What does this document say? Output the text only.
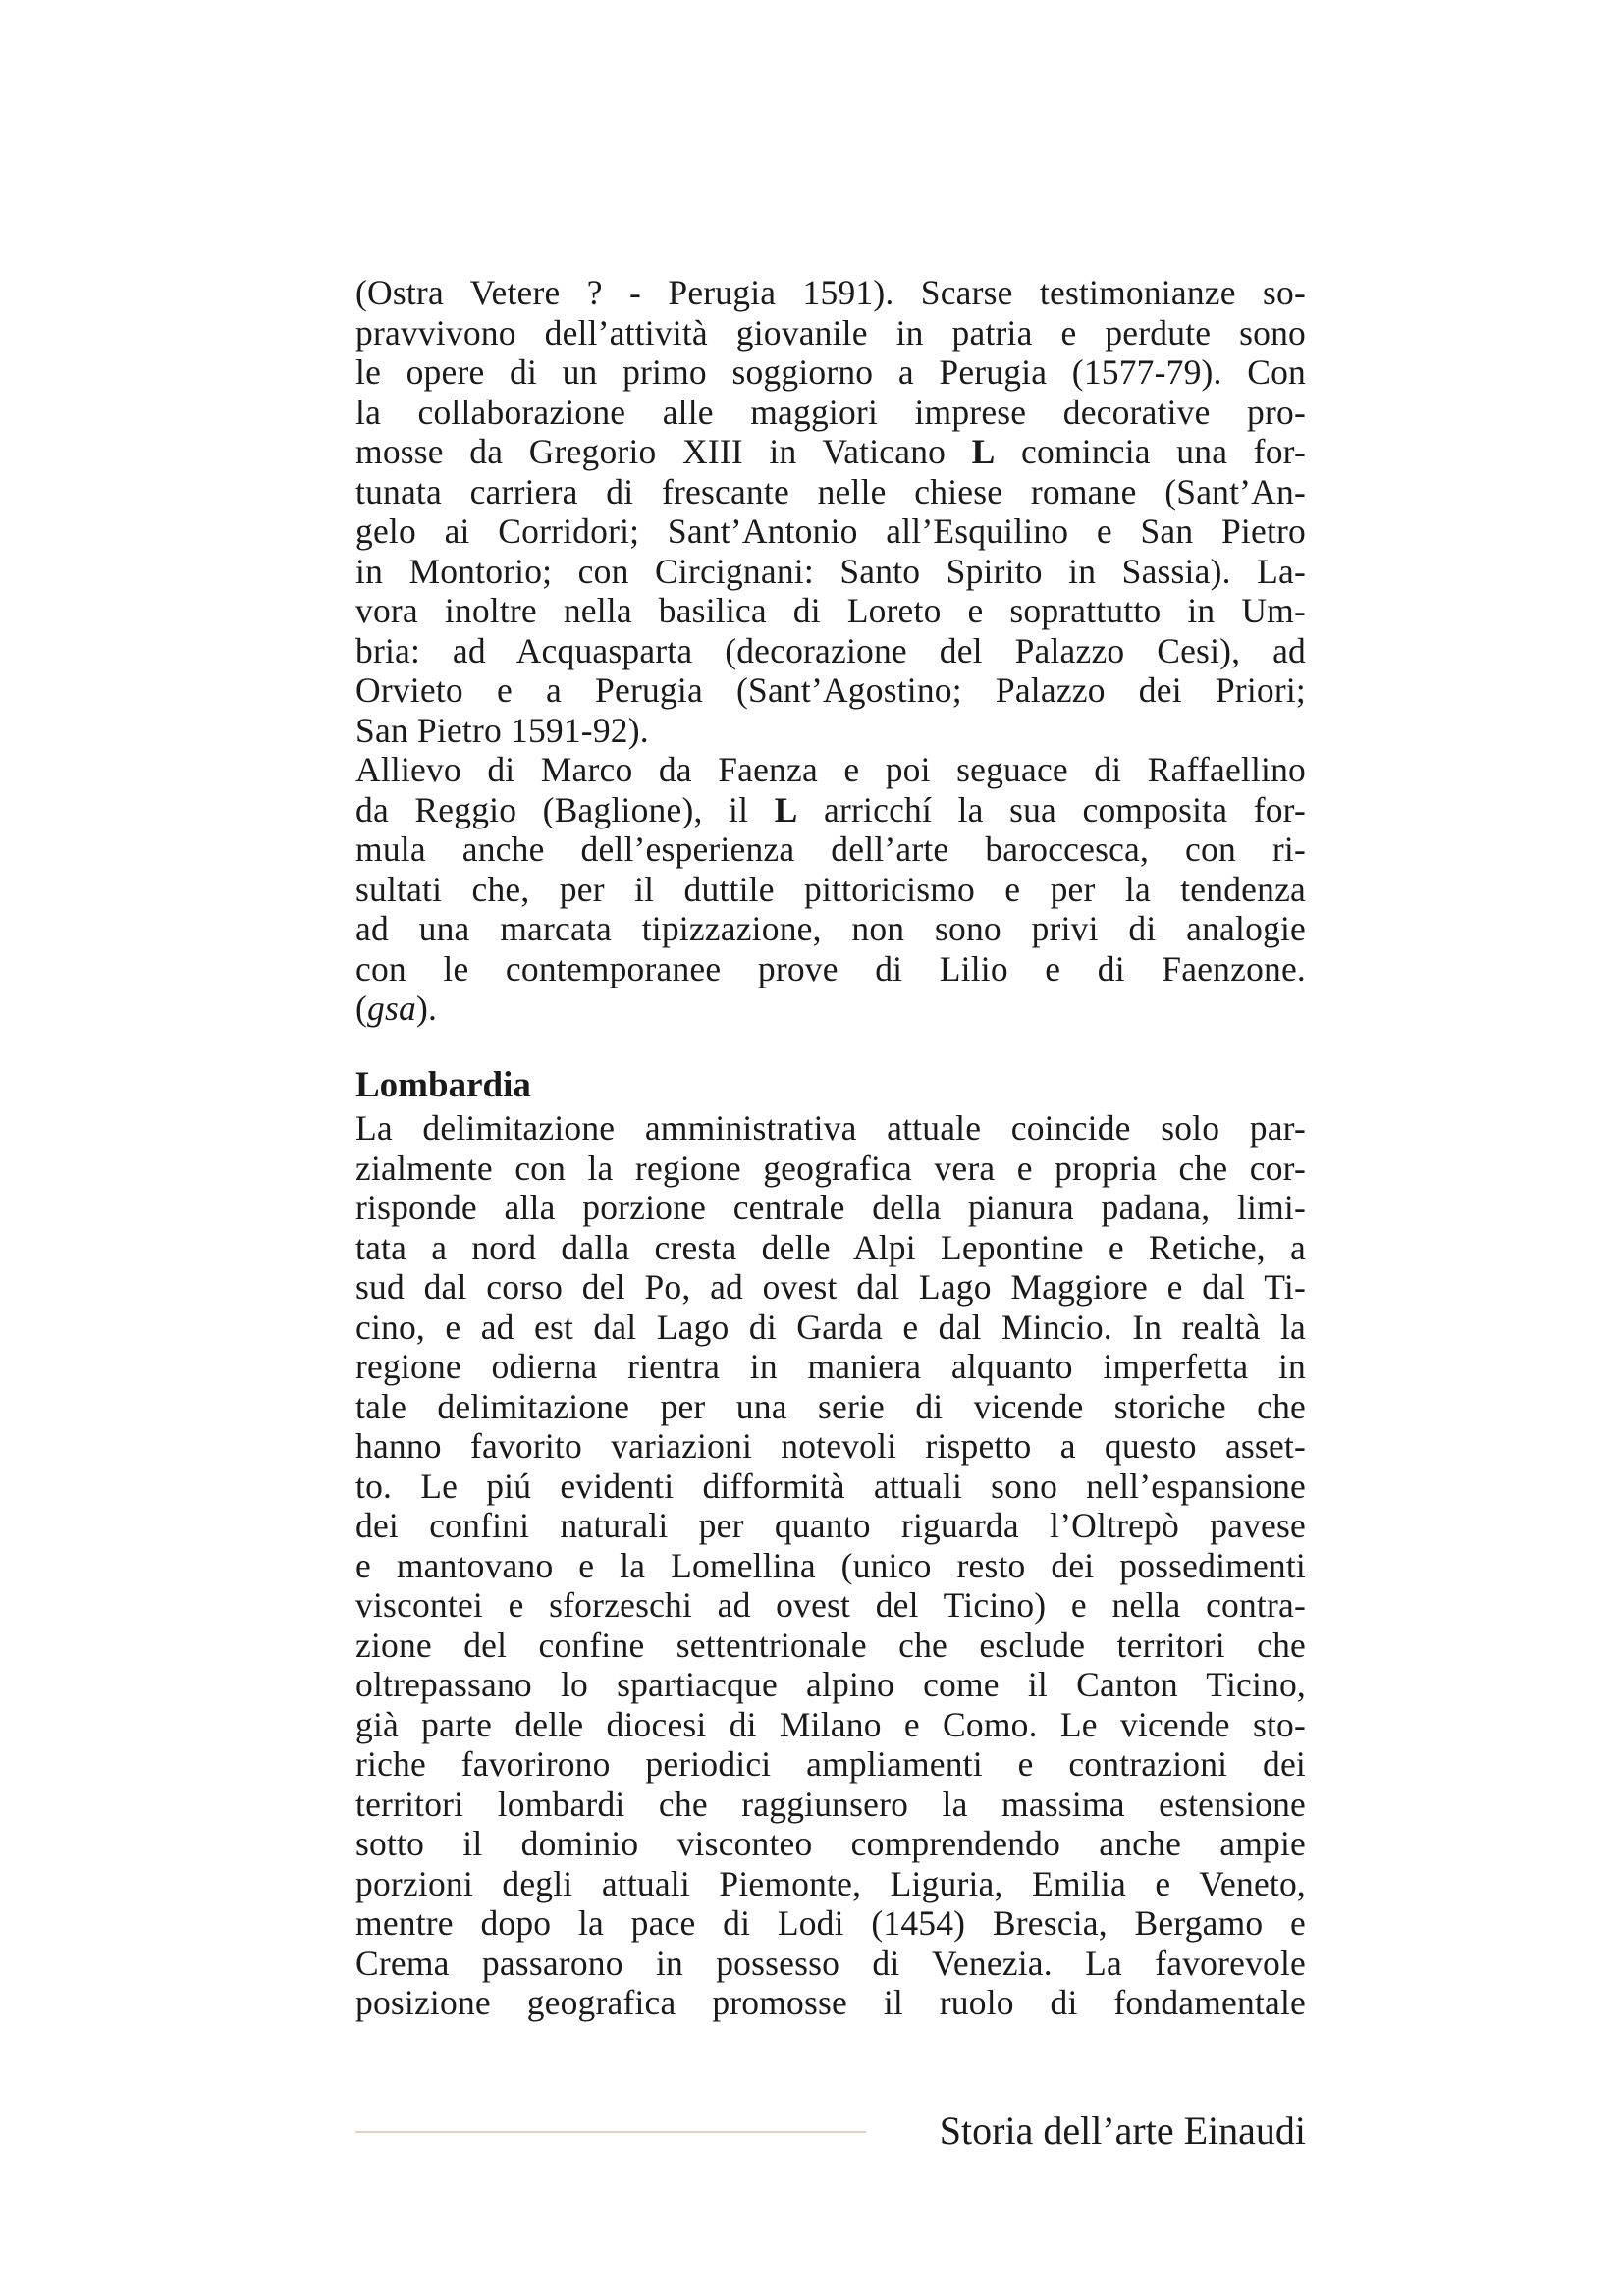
(Ostra Vetere ? - Perugia 1591). Scarse testimonianze so-
pravvivono dell’attività giovanile in patria e perdute sono
le opere di un primo soggiorno a Perugia (1577-79). Con
la collaborazione alle maggiori imprese decorative pro-
mosse da Gregorio XIII in Vaticano L comincia una for-
tunata carriera di frescante nelle chiese romane (Sant’An-
gelo ai Corridori; Sant’Antonio all’Esquilino e San Pietro
in Montorio; con Circignani: Santo Spirito in Sassia). La-
vora inoltre nella basilica di Loreto e soprattutto in Um-
bria: ad Acquasparta (decorazione del Palazzo Cesi), ad
Orvieto e a Perugia (Sant’Agostino; Palazzo dei Priori;
San Pietro 1591-92).
Allievo di Marco da Faenza e poi seguace di Raffaellino
da Reggio (Baglione), il L arricchí la sua composita for-
mula anche dell’esperienza dell’arte baroccesca, con ri-
sultati che, per il duttile pittoricismo e per la tendenza
ad una marcata tipizzazione, non sono privi di analogie
con le contemporanee prove di Lilio e di Faenzone.
(gsa).
Lombardia
La delimitazione amministrativa attuale coincide solo par-
zialmente con la regione geografica vera e propria che cor-
risponde alla porzione centrale della pianura padana, limi-
tata a nord dalla cresta delle Alpi Lepontine e Retiche, a
sud dal corso del Po, ad ovest dal Lago Maggiore e dal Ti-
cino, e ad est dal Lago di Garda e dal Mincio. In realtà la
regione odierna rientra in maniera alquanto imperfetta in
tale delimitazione per una serie di vicende storiche che
hanno favorito variazioni notevoli rispetto a questo asset-
to. Le piú evidenti difformità attuali sono nell’espansione
dei confini naturali per quanto riguarda l’Oltrepò pavese
e mantovano e la Lomellina (unico resto dei possedimenti
viscontei e sforzeschi ad ovest del Ticino) e nella contra-
zione del confine settentrionale che esclude territori che
oltrepassano lo spartiacque alpino come il Canton Ticino,
già parte delle diocesi di Milano e Como. Le vicende sto-
riche favorirono periodici ampliamenti e contrazioni dei
territori lombardi che raggiunsero la massima estensione
sotto il dominio visconteo comprendendo anche ampie
porzioni degli attuali Piemonte, Liguria, Emilia e Veneto,
mentre dopo la pace di Lodi (1454) Brescia, Bergamo e
Crema passarono in possesso di Venezia. La favorevole
posizione geografica promosse il ruolo di fondamentale
Storia dell’arte Einaudi
